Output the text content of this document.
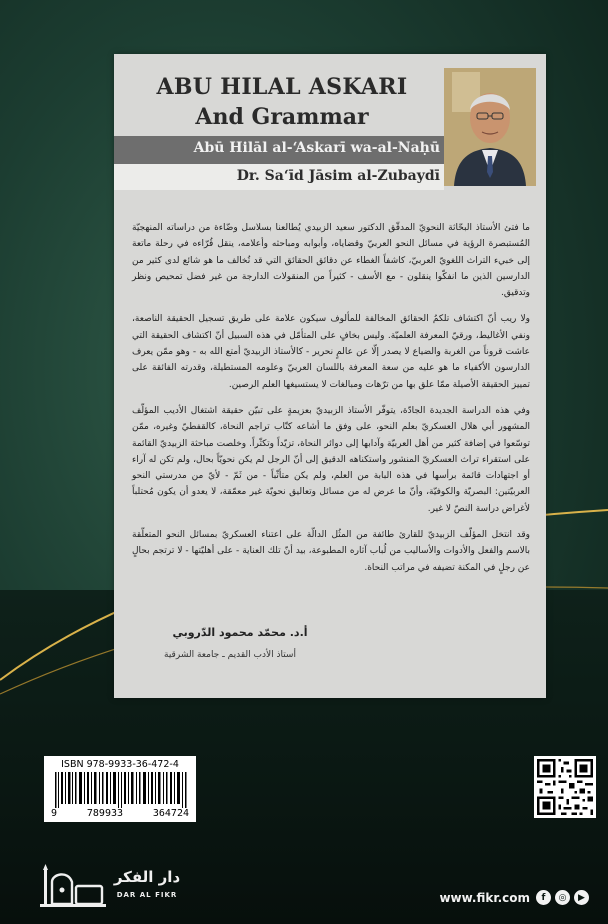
ABU HILAL ASKARI
And Grammar
Abū Hilāl al-‘Askarī wa-al-Naḥū
Dr. Sa‘īd Jāsim al-Zubaydī

ما فتئ الأستاذ البحّاثة النحويّ المدقّق الدكتور سعيد الزبيدي يُطالعنا بسلاسل وضّاءة من دراساته المنهجيّة المُستبصرة الرؤية في مسائل النحو العربيّ وقضاياه، وأبوابه ومباحثه وأعلامه، ينقل قُرّاءه في رحلة ماتعة إلى خبيء التراث اللغويّ العربيّ، كاشفاً الغطاء عن دقائق الحقائق التي قد تُخالف ما هو شائع لدى كثير من الدارسين الذين ما انفكّوا ينقلون - مع الأسف - كثيراً من المنقولات الدارجة من غير فضل تمحيص ونظر وتدقيق.

ولا ريب أنّ اكتشاف تلكمُ الحقائق المخالفة للمألوف سيكون علامة على طريق تسجيل الحقيقة الناصعة، ونفي الأغاليط، ورقيّ المعرفة العلميّة. وليس بخافٍ على المتأمّل في هذه السبيل أنّ اكتشاف الحقيقة التي عاشت قروناً من الغربة والضياع لا يصدر إلّا عن عالمٍ نحرير - كالأستاذ الزبيديّ أمتع الله به - وهو ممّن يعرف الدارسون الأكفياء ما هو عليه من سعة المعرفة باللسان العربيّ وعلومه المستطيلة، وقدرته الفائقة على تمييز الحقيقة الأصيلة ممّا علق بها من ترّهات ومبالغات لا يستسيغها العلم الرصين.

وفي هذه الدراسة الجديدة الجادّة، يتوفّر الأستاذ الزبيديّ بعزيمةٍ على تبيّن حقيقة اشتغال الأديب المؤلّف المشهور أبي هلال العسكريّ بعلم النحو، على وفق ما أشاعه كتّاب تراجم النحاة، كالقفطيّ وغيره، ممّن توسّعوا في إضافة كثير من أهل العربيّة وآدابها إلى دوائر النحاة، تزيّداً وتكثّراً. وخلصت مباحثة الزبيديّ القائمة على استقراء تراث العسكريّ المنشور واستكناهه الدقيق إلى أنّ الرجل لم يكن نحويّاً بحال، ولم تكن له آراء أو اجتهادات قائمة برأسها في هذه البابة من العلم، ولم يكن متأثّباً - من ثَمّ - لأيّ من مدرستي النحو العربيّتين: البصريّة والكوفيّة، وأنّ ما عرض له من مسائل وتعاليق نحويّة غير معمّقة، لا يعدو أن يكون مُحتلباً لأغراض دراسة النصّ لا غير.

وقد انتخل المؤلّف الزبيديّ للقارئ طائفة من المثُل الدالّة على اعتناء العسكريّ بمسائل النحو المتعلّقة بالاسم والفعل والأدوات والأساليب من لُباب آثاره المطبوعة، بيد أنّ تلك العناية - على أهليّتها - لا ترتجم بحالٍ عن رجلٍ في المكنة تضيفه في مراتب النحاة.

أ.د. محمّد محمود الدّروبي
أستاذ الأدب القديم ـ جامعة الشرقية
ISBN 978-9933-36-472-4
9	789933	364724
دار الفكر
DAR AL FIKR	www.fikr.com	f	◎	▶
